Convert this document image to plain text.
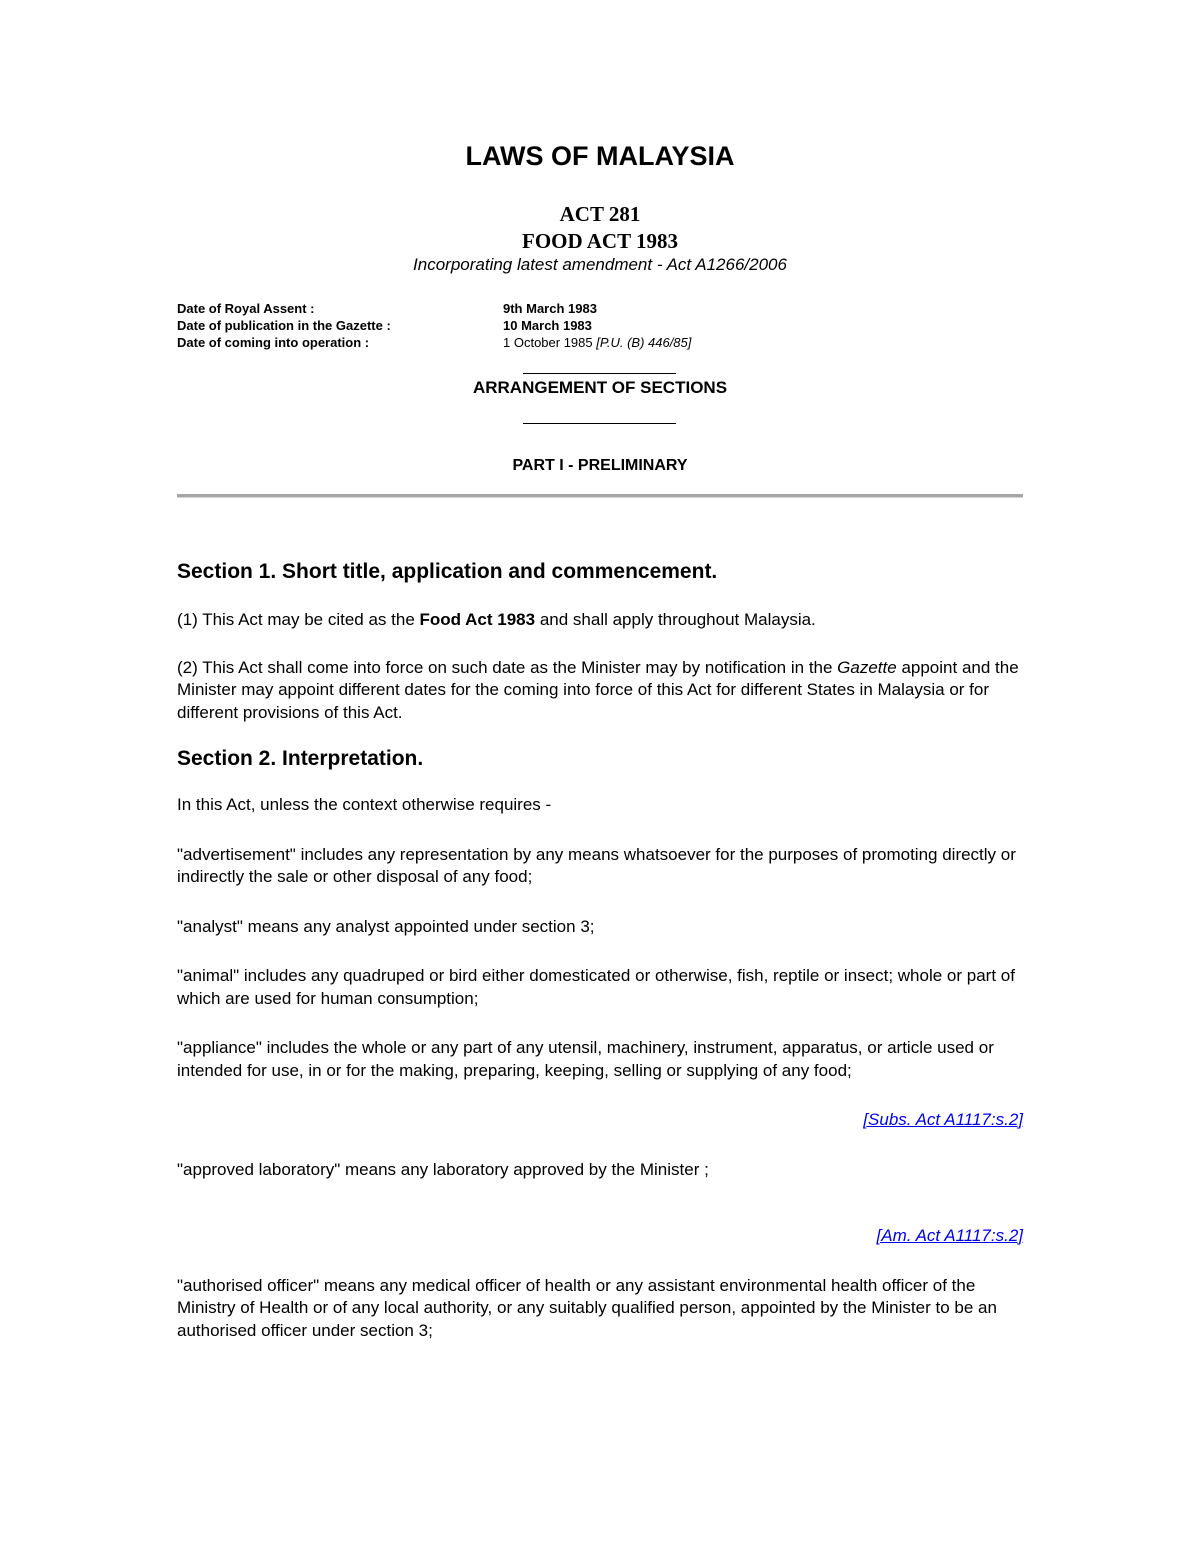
LAWS OF MALAYSIA
ACT 281
FOOD ACT 1983
Incorporating latest amendment - Act A1266/2006
Date of Royal Assent :	9th March 1983
Date of publication in the Gazette :	10 March 1983
Date of coming into operation :	1 October 1985 [P.U. (B) 446/85]
ARRANGEMENT OF SECTIONS
PART I - PRELIMINARY
Section 1. Short title, application and commencement.

(1) This Act may be cited as the Food Act 1983 and shall apply throughout Malaysia.

(2) This Act shall come into force on such date as the Minister may by notification in the Gazette appoint and the Minister may appoint different dates for the coming into force of this Act for different States in Malaysia or for different provisions of this Act.

Section 2. Interpretation.

In this Act, unless the context otherwise requires -

"advertisement" includes any representation by any means whatsoever for the purposes of promoting directly or indirectly the sale or other disposal of any food;

"analyst" means any analyst appointed under section 3;

"animal" includes any quadruped or bird either domesticated or otherwise, fish, reptile or insect; whole or part of which are used for human consumption;

"appliance" includes the whole or any part of any utensil, machinery, instrument, apparatus, or article used or intended for use, in or for the making, preparing, keeping, selling or supplying of any food;

[Subs. Act A1117:s.2]

"approved laboratory" means any laboratory approved by the Minister ;

[Am. Act A1117:s.2]

"authorised officer" means any medical officer of health or any assistant environmental health officer of the Ministry of Health or of any local authority, or any suitably qualified person, appointed by the Minister to be an authorised officer under section 3;
